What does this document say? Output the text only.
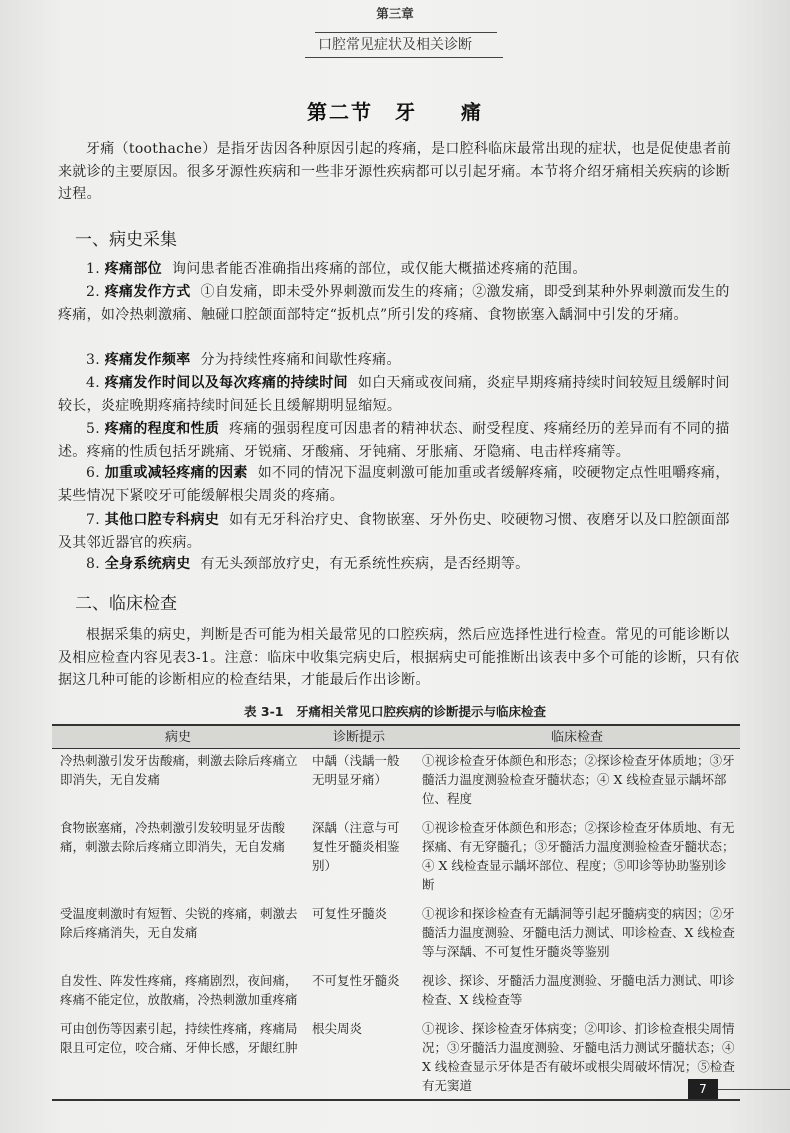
第三章
口腔常见症状及相关诊断
第二节　牙　　痛
牙痛（toothache）是指牙齿因各种原因引起的疼痛，是口腔科临床最常出现的症状，也是促使患者前来就诊的主要原因。很多牙源性疾病和一些非牙源性疾病都可以引起牙痛。本节将介绍牙痛相关疾病的诊断过程。
一、病史采集
1. 疼痛部位 询问患者能否准确指出疼痛的部位，或仅能大概描述疼痛的范围。
2. 疼痛发作方式 ①自发痛，即未受外界刺激而发生的疼痛；②激发痛，即受到某种外界刺激而发生的疼痛，如冷热刺激痛、触碰口腔颌面部特定“扳机点”所引发的疼痛、食物嵌塞入龋洞中引发的牙痛。
3. 疼痛发作频率 分为持续性疼痛和间歇性疼痛。
4. 疼痛发作时间以及每次疼痛的持续时间 如白天痛或夜间痛，炎症早期疼痛持续时间较短且缓解时间较长，炎症晚期疼痛持续时间延长且缓解期明显缩短。
5. 疼痛的程度和性质 疼痛的强弱程度可因患者的精神状态、耐受程度、疼痛经历的差异而有不同的描述。疼痛的性质包括牙跳痛、牙锐痛、牙酸痛、牙钝痛、牙胀痛、牙隐痛、电击样疼痛等。
6. 加重或减轻疼痛的因素 如不同的情况下温度刺激可能加重或者缓解疼痛，咬硬物定点性咀嚼疼痛，某些情况下紧咬牙可能缓解根尖周炎的疼痛。
7. 其他口腔专科病史 如有无牙科治疗史、食物嵌塞、牙外伤史、咬硬物习惯、夜磨牙以及口腔颌面部及其邻近器官的疾病。
8. 全身系统病史 有无头颈部放疗史，有无系统性疾病，是否经期等。
二、临床检查
根据采集的病史，判断是否可能为相关最常见的口腔疾病，然后应选择性进行检查。常见的可能诊断以及相应检查内容见表3-1。注意：临床中收集完病史后，根据病史可能推断出该表中多个可能的诊断，只有依据这几种可能的诊断相应的检查结果，才能最后作出诊断。
表 3-1　牙痛相关常见口腔疾病的诊断提示与临床检查
病史	诊断提示	临床检查
冷热刺激引发牙齿酸痛，刺激去除后疼痛立即消失，无自发痛	中龋（浅龋一般无明显牙痛）	①视诊检查牙体颜色和形态；②探诊检查牙体质地；③牙髓活力温度测验检查牙髓状态；④ X 线检查显示龋坏部位、程度
食物嵌塞痛，冷热刺激引发较明显牙齿酸痛，刺激去除后疼痛立即消失，无自发痛	深龋（注意与可复性牙髓炎相鉴别）	①视诊检查牙体颜色和形态；②探诊检查牙体质地、有无探痛、有无穿髓孔；③牙髓活力温度测验检查牙髓状态；④ X 线检查显示龋坏部位、程度；⑤叩诊等协助鉴别诊断
受温度刺激时有短暂、尖锐的疼痛，刺激去除后疼痛消失，无自发痛	可复性牙髓炎	①视诊和探诊检查有无龋洞等引起牙髓病变的病因；②牙髓活力温度测验、牙髓电活力测试、叩诊检查、X 线检查等与深龋、不可复性牙髓炎等鉴别
自发性、阵发性疼痛，疼痛剧烈，夜间痛，疼痛不能定位，放散痛，冷热刺激加重疼痛	不可复性牙髓炎	视诊、探诊、牙髓活力温度测验、牙髓电活力测试、叩诊检查、X 线检查等
可由创伤等因素引起，持续性疼痛，疼痛局限且可定位，咬合痛、牙伸长感，牙龈红肿	根尖周炎	①视诊、探诊检查牙体病变；②叩诊、扪诊检查根尖周情况；③牙髓活力温度测验、牙髓电活力测试牙髓状态；④ X 线检查显示牙体是否有破坏或根尖周破坏情况；⑤检查有无窦道	7
